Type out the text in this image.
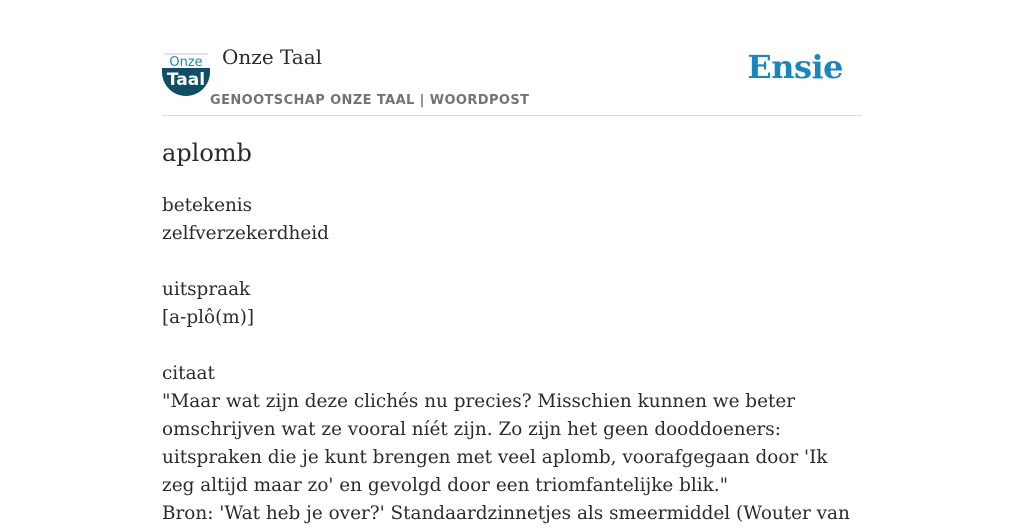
Onze
Taal
Onze Taal
GENOOTSCHAP ONZE TAAL | WOORDPOST
Ensie
aplomb
betekenis
zelfverzekerdheid
uitspraak
[a-plô(m)]
citaat
"Maar wat zijn deze clichés nu precies? Misschien kunnen we beter omschrijven wat ze vooral níét zijn. Zo zijn het geen dooddoeners: uitspraken die je kunt brengen met veel aplomb, voorafgegaan door 'Ik zeg altijd maar zo' en gevolgd door een triomfantelijke blik."
Bron: 'Wat heb je over?' Standaardzinnetjes als smeermiddel (Wouter van
